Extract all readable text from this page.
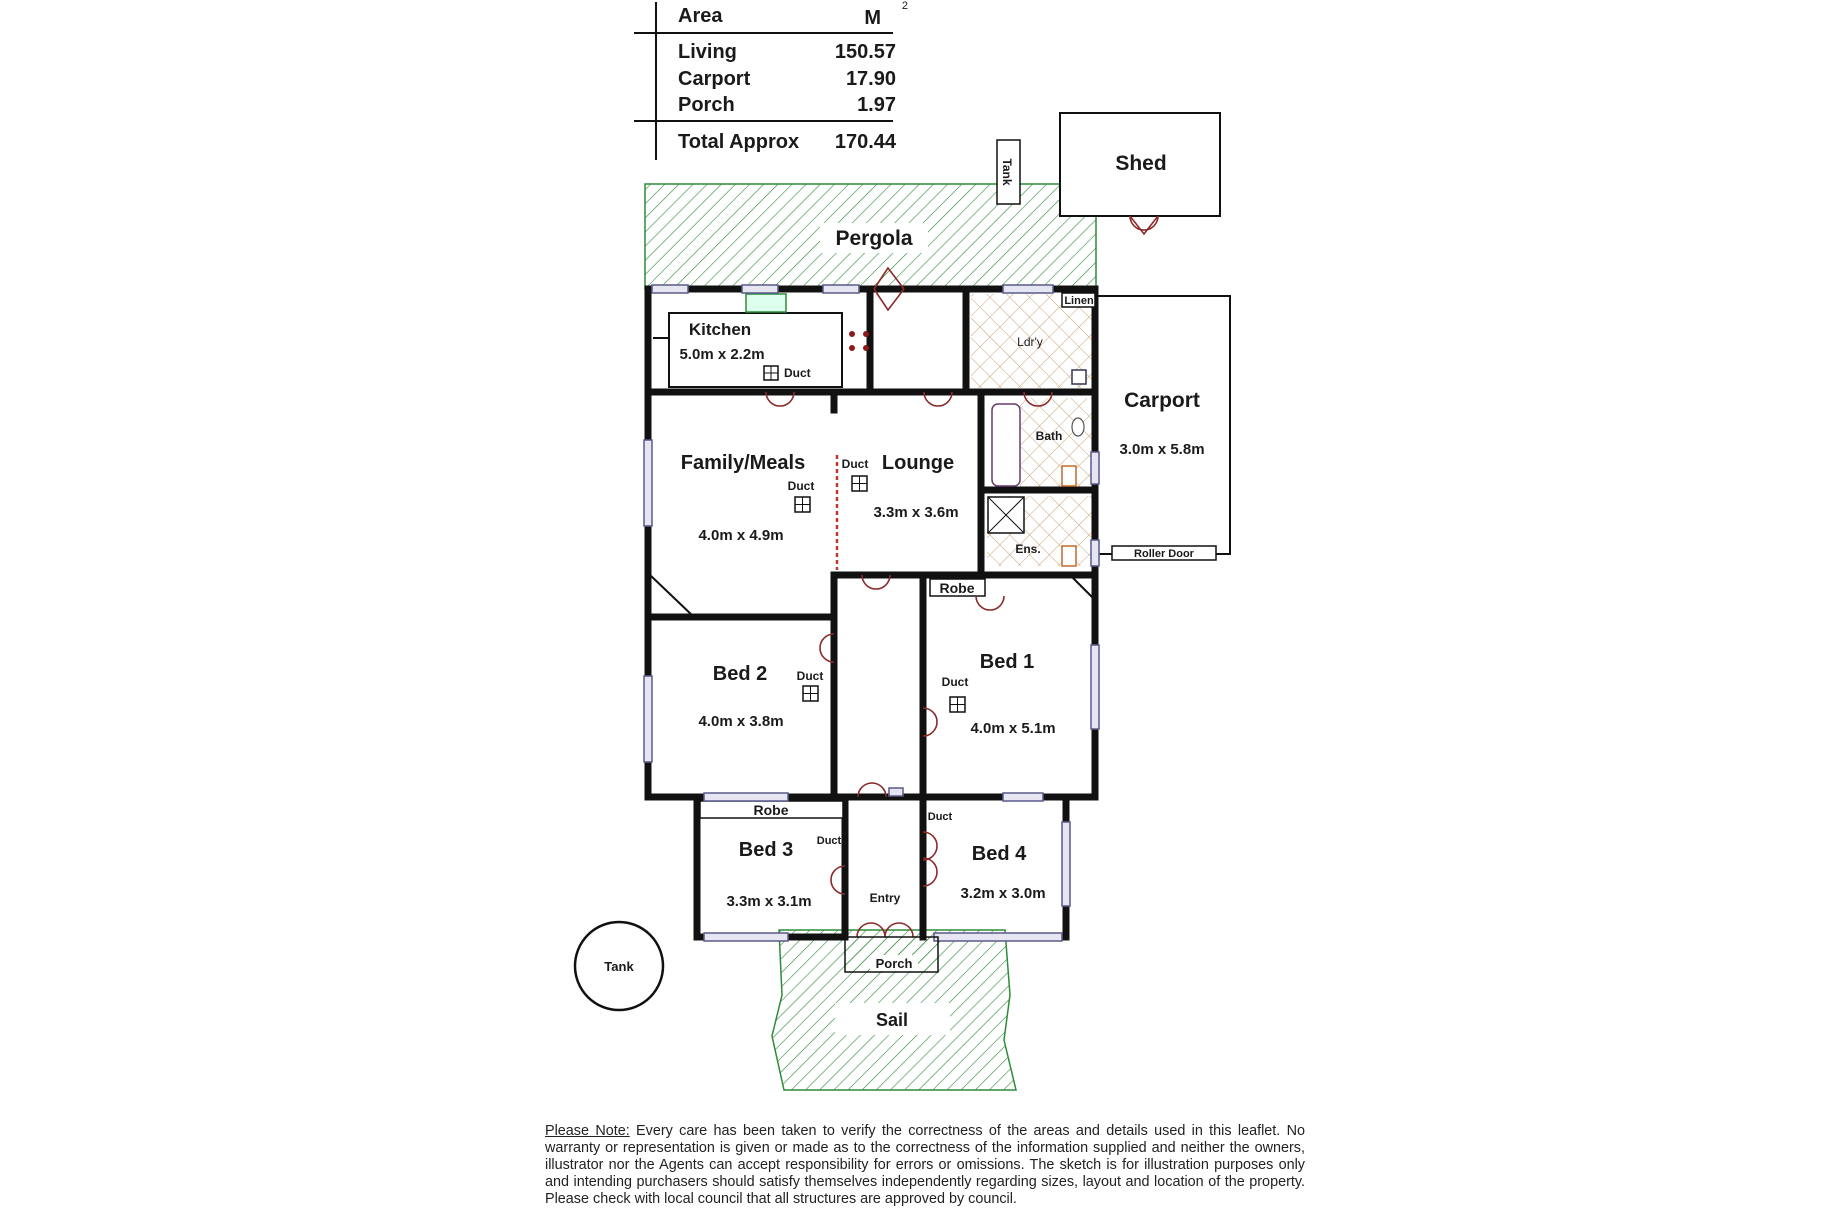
Area	M
2
Living	150.57
Carport	17.90
Porch	1.97
Total Approx 170.44
Pergola
Sail
Shed
Tank
Tank
Carport
3.0m x 5.8m
Roller Door
Robe
Robe
Linen
Porch
Kitchen
5.0m x 2.2m
Duct
Ldr'y
Family/Meals
Duct
4.0m x 4.9m
Lounge
Duct
3.3m x 3.6m
Bath
Ens.
Bed 1
Duct
4.0m x 5.1m
Bed 2 Duct
4.0m x 3.8m
Bed 3 Duct
3.3m x 3.1m
Bed 4
Duct
3.2m x 3.0m
Entry
Please Note: Every care has been taken to verify the correctness of the areas and details used in this leaflet. No warranty or representation is given or made as to the correctness of the information supplied and neither the owners, illustrator nor the Agents can accept responsibility for errors or omissions. The sketch is for illustration purposes only and intending purchasers should satisfy themselves independently regarding sizes, layout and location of the property. Please check with local council that all structures are approved by council.
